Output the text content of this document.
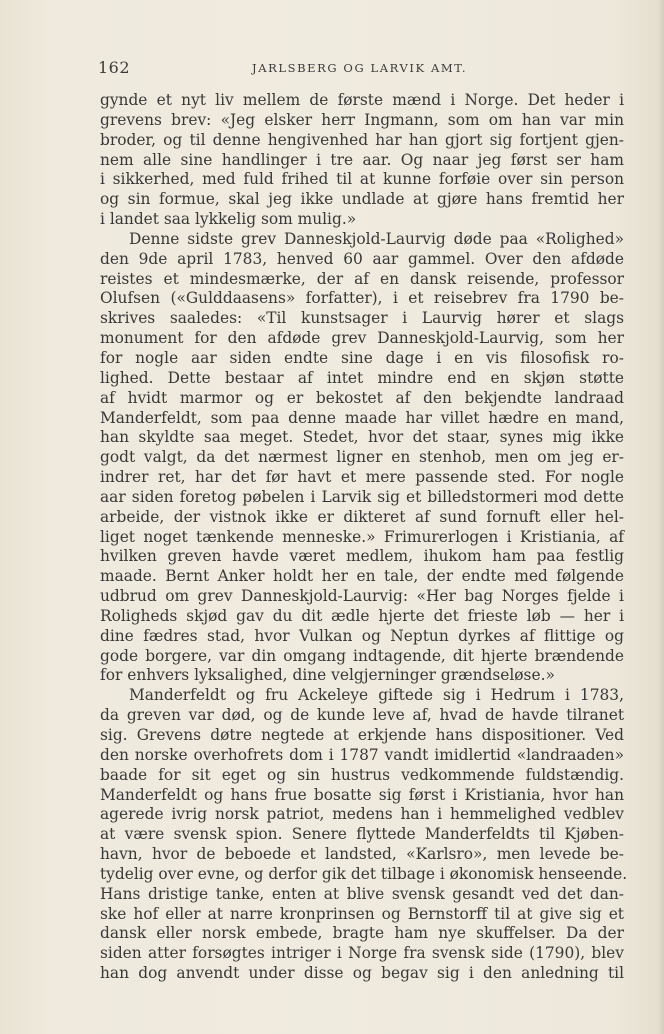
162	JARLSBERG OG LARVIK AMT.
gynde et nyt liv mellem de første mænd i Norge. Det heder i
grevens brev: «Jeg elsker herr Ingmann, som om han var min
broder, og til denne hengivenhed har han gjort sig fortjent gjen-
nem alle sine handlinger i tre aar. Og naar jeg først ser ham
i sikkerhed, med fuld frihed til at kunne forføie over sin person
og sin formue, skal jeg ikke undlade at gjøre hans fremtid her
i landet saa lykkelig som mulig.»
Denne sidste grev Danneskjold-Laurvig døde paa «Rolighed»
den 9de april 1783, henved 60 aar gammel. Over den afdøde
reistes et mindesmærke, der af en dansk reisende, professor
Olufsen («Gulddaasens» forfatter), i et reisebrev fra 1790 be-
skrives saaledes: «Til kunstsager i Laurvig hører et slags
monument for den afdøde grev Danneskjold-Laurvig, som her
for nogle aar siden endte sine dage i en vis filosofisk ro-
lighed. Dette bestaar af intet mindre end en skjøn støtte
af hvidt marmor og er bekostet af den bekjendte landraad
Manderfeldt, som paa denne maade har villet hædre en mand,
han skyldte saa meget. Stedet, hvor det staar, synes mig ikke
godt valgt, da det nærmest ligner en stenhob, men om jeg er-
indrer ret, har det før havt et mere passende sted. For nogle
aar siden foretog pøbelen i Larvik sig et billedstormeri mod dette
arbeide, der vistnok ikke er dikteret af sund fornuft eller hel-
liget noget tænkende menneske.» Frimurerlogen i Kristiania, af
hvilken greven havde været medlem, ihukom ham paa festlig
maade. Bernt Anker holdt her en tale, der endte med følgende
udbrud om grev Danneskjold-Laurvig: «Her bag Norges fjelde i
Roligheds skjød gav du dit ædle hjerte det frieste løb — her i
dine fædres stad, hvor Vulkan og Neptun dyrkes af flittige og
gode borgere, var din omgang indtagende, dit hjerte brændende
for enhvers lyksalighed, dine velgjerninger grændseløse.»
Manderfeldt og fru Ackeleye giftede sig i Hedrum i 1783,
da greven var død, og de kunde leve af, hvad de havde tilranet
sig. Grevens døtre negtede at erkjende hans dispositioner. Ved
den norske overhofrets dom i 1787 vandt imidlertid «landraaden»
baade for sit eget og sin hustrus vedkommende fuldstændig.
Manderfeldt og hans frue bosatte sig først i Kristiania, hvor han
agerede ivrig norsk patriot, medens han i hemmelighed vedblev
at være svensk spion. Senere flyttede Manderfeldts til Kjøben-
havn, hvor de beboede et landsted, «Karlsro», men levede be-
tydelig over evne, og derfor gik det tilbage i økonomisk henseende.
Hans dristige tanke, enten at blive svensk gesandt ved det dan-
ske hof eller at narre kronprinsen og Bernstorff til at give sig et
dansk eller norsk embede, bragte ham nye skuffelser. Da der
siden atter forsøgtes intriger i Norge fra svensk side (1790), blev
han dog anvendt under disse og begav sig i den anledning til
